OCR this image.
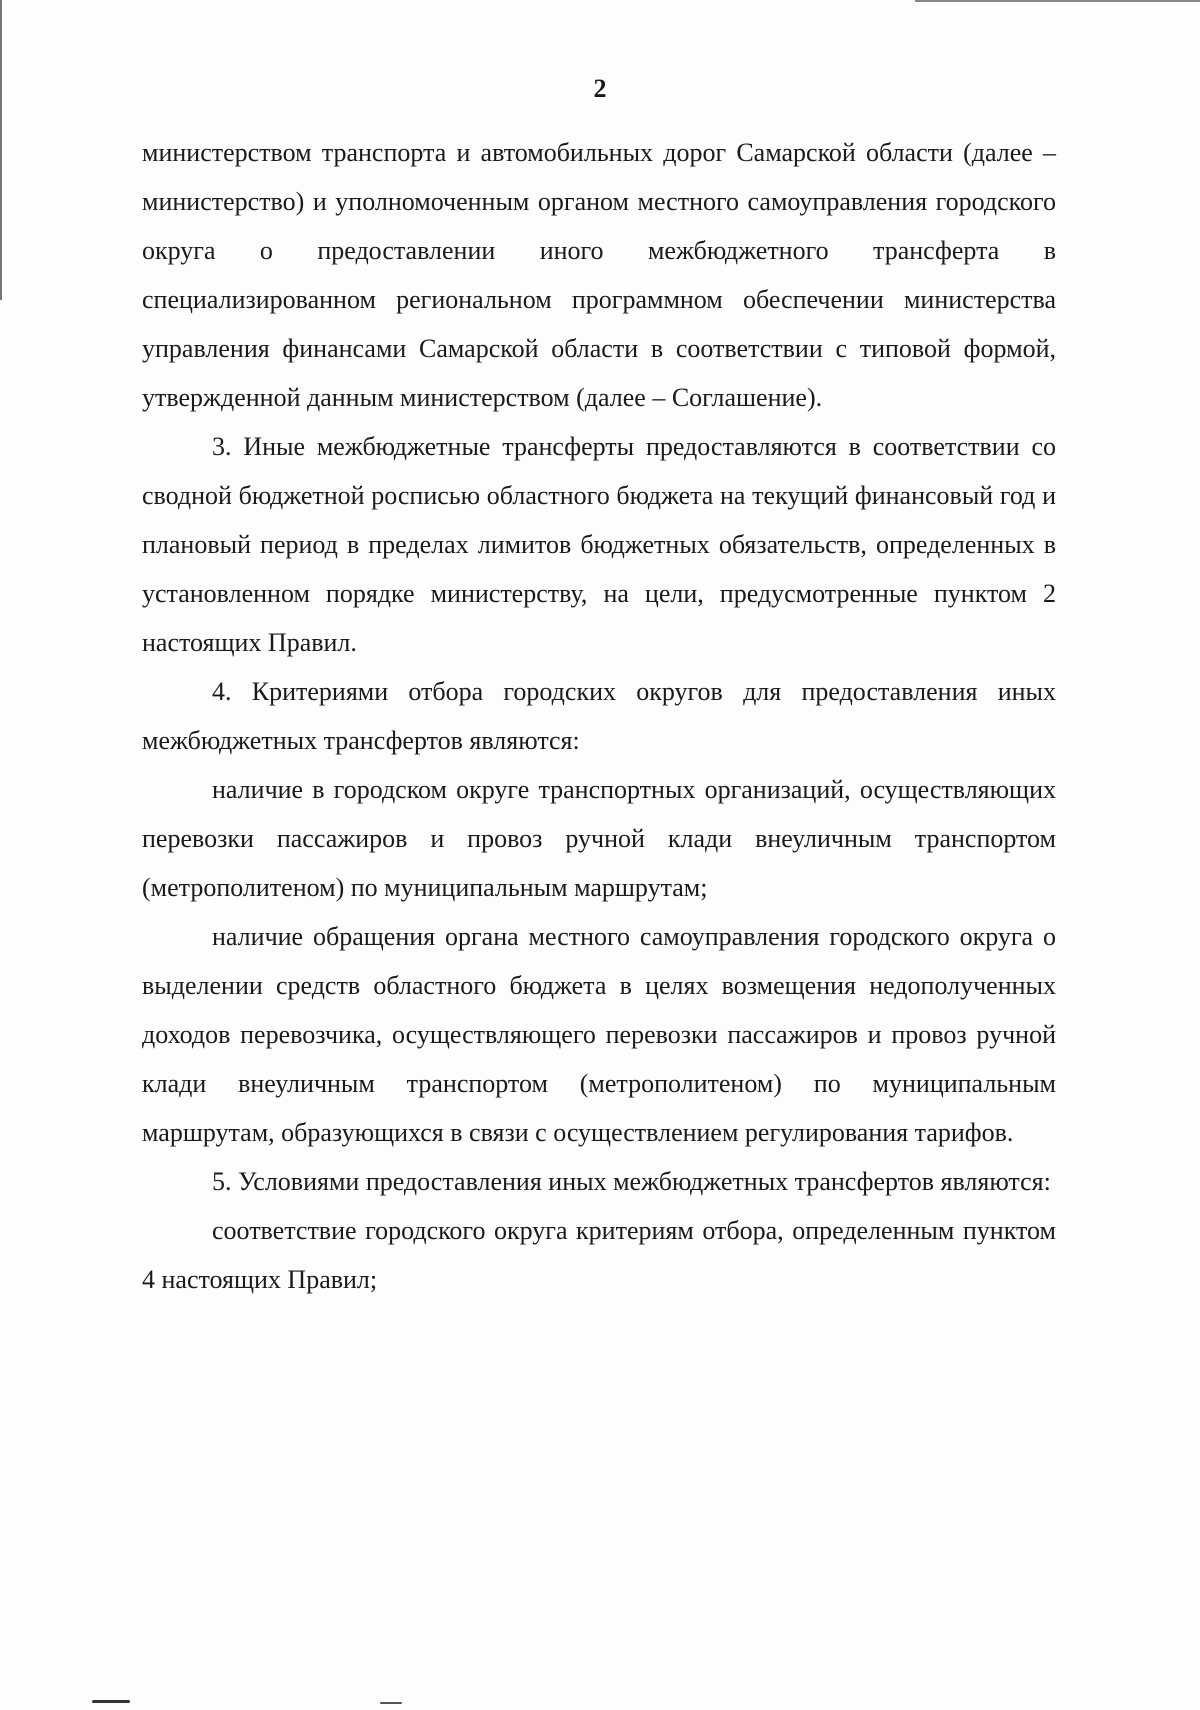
2

министерством транспорта и автомобильных дорог Самарской области (далее – министерство) и уполномоченным органом местного самоуправления городского округа о предоставлении иного межбюджетного трансферта в специализированном региональном программном обеспечении министерства управления финансами Самарской области в соответствии с типовой формой, утвержденной данным министерством (далее – Соглашение).

3. Иные межбюджетные трансферты предоставляются в соответствии со сводной бюджетной росписью областного бюджета на текущий финансовый год и плановый период в пределах лимитов бюджетных обязательств, определенных в установленном порядке министерству, на цели, предусмотренные пунктом 2 настоящих Правил.

4. Критериями отбора городских округов для предоставления иных межбюджетных трансфертов являются:

наличие в городском округе транспортных организаций, осуществляющих перевозки пассажиров и провоз ручной клади внеуличным транспортом (метрополитеном) по муниципальным маршрутам;

наличие обращения органа местного самоуправления городского округа о выделении средств областного бюджета в целях возмещения недополученных доходов перевозчика, осуществляющего перевозки пассажиров и провоз ручной клади внеуличным транспортом (метрополитеном) по муниципальным маршрутам, образующихся в связи с осуществлением регулирования тарифов.

5. Условиями предоставления иных межбюджетных трансфертов являются:

соответствие городского округа критериям отбора, определенным пунктом 4 настоящих Правил;
